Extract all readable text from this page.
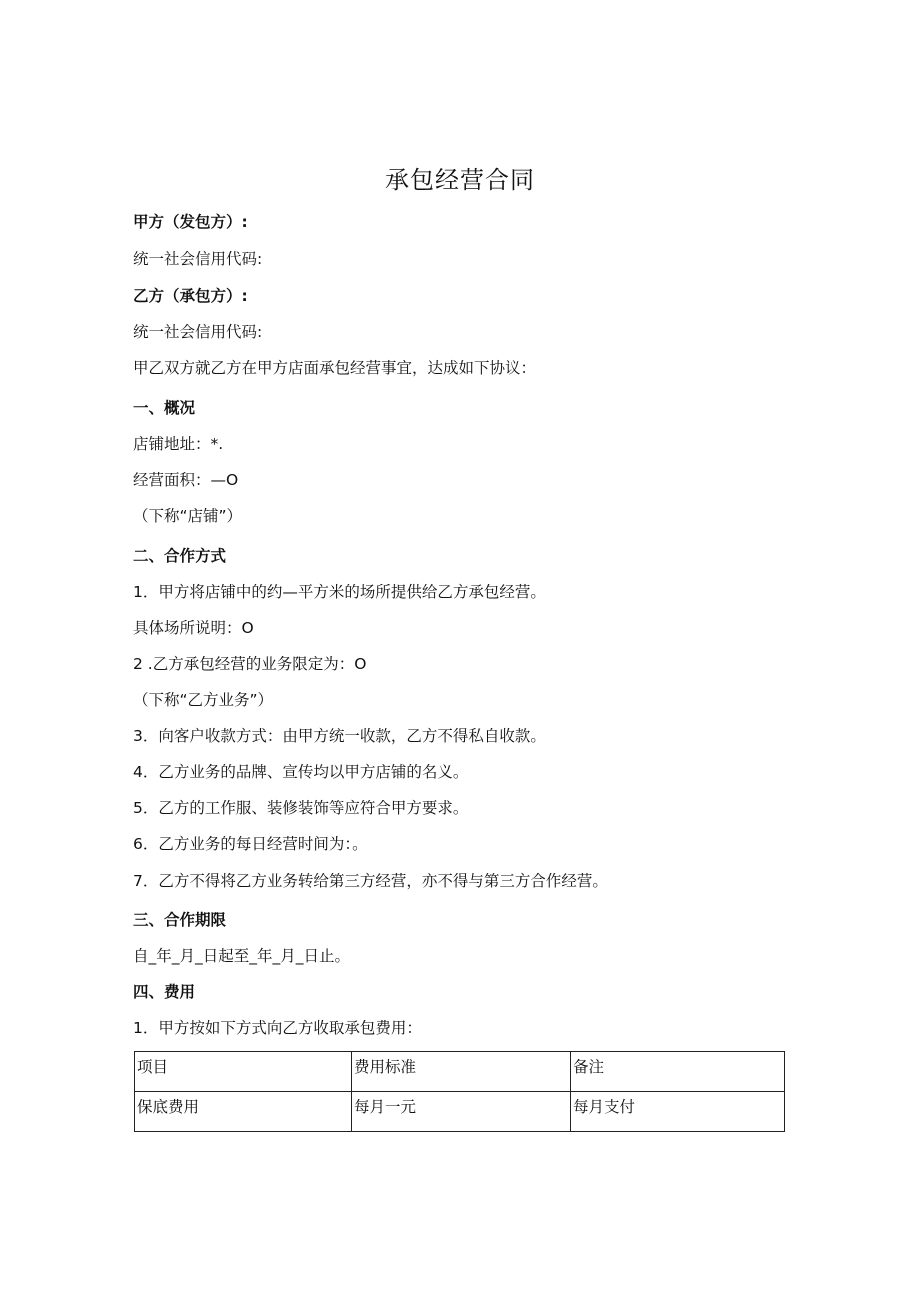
承包经营合同
甲方（发包方）:
统一社会信用代码:
乙方（承包方）:
统一社会信用代码:
甲乙双方就乙方在甲方店面承包经营事宜，达成如下协议：
一、概况
店铺地址：*.
经营面积：—O
（下称“店铺”）
二、合作方式
1．甲方将店铺中的约—平方米的场所提供给乙方承包经营。
具体场所说明：O
2 .乙方承包经营的业务限定为：O
（下称“乙方业务”）
3．向客户收款方式：由甲方统一收款，乙方不得私自收款。
4．乙方业务的品牌、宣传均以甲方店铺的名义。
5．乙方的工作服、装修装饰等应符合甲方要求。
6．乙方业务的每日经营时间为：。
7．乙方不得将乙方业务转给第三方经营，亦不得与第三方合作经营。
三、合作期限
自_年_月_日起至_年_月_日止。
四、费用
1．甲方按如下方式向乙方收取承包费用：
项目	费用标准	备注
保底费用	每月一元	每月支付
